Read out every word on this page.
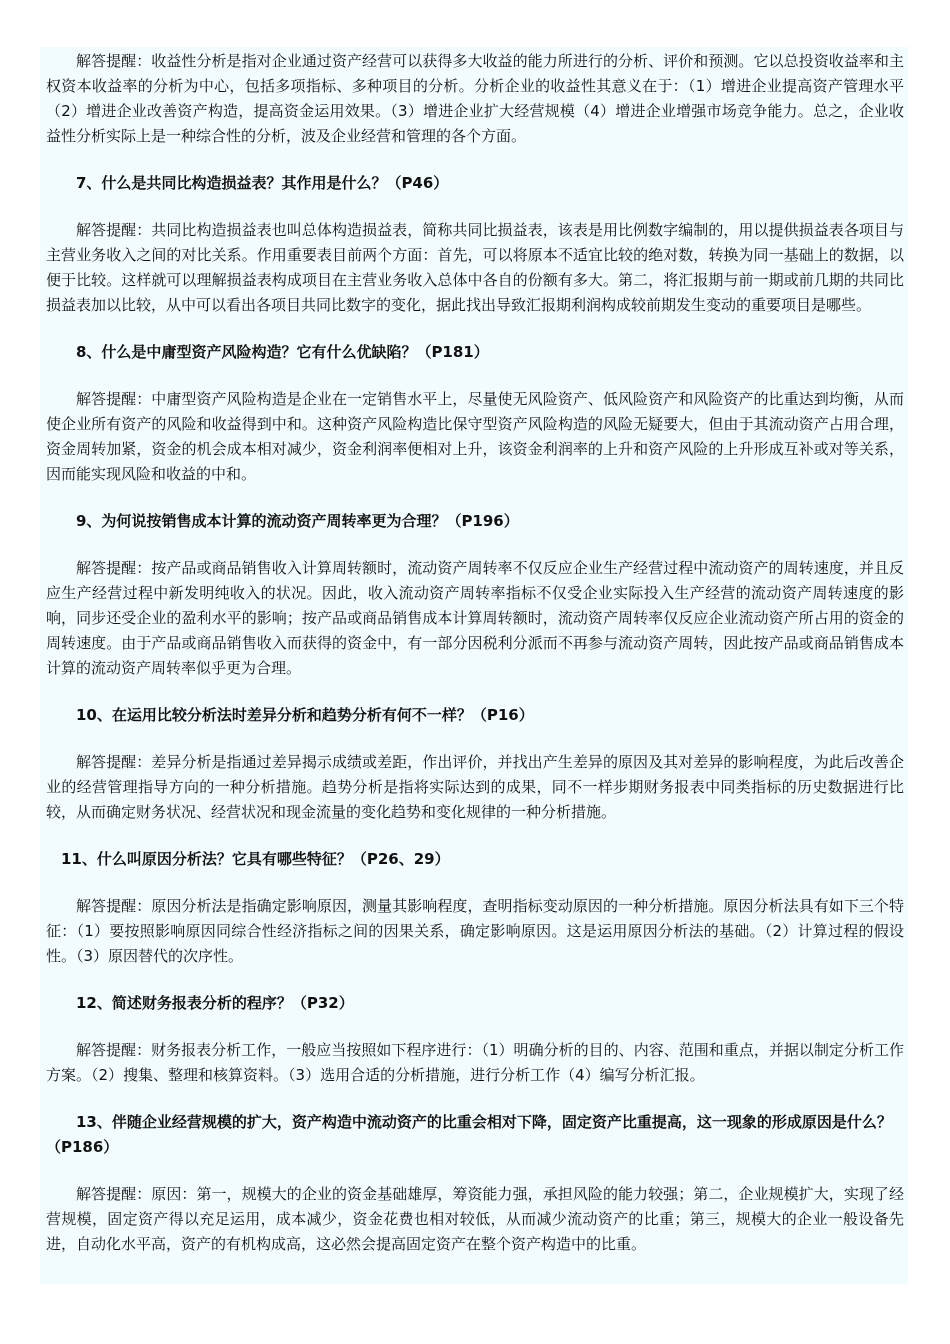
解答提醒：收益性分析是指对企业通过资产经营可以获得多大收益的能力所进行的分析、评价和预测。它以总投资收益率和主权资本收益率的分析为中心，包括多项指标、多种项目的分析。分析企业的收益性其意义在于：（1）增进企业提高资产管理水平（2）增进企业改善资产构造，提高资金运用效果。（3）增进企业扩大经营规模（4）增进企业增强市场竞争能力。总之，企业收益性分析实际上是一种综合性的分析，波及企业经营和管理的各个方面。

7、什么是共同比构造损益表？其作用是什么？（P46）

解答提醒：共同比构造损益表也叫总体构造损益表，简称共同比损益表，该表是用比例数字编制的，用以提供损益表各项目与主营业务收入之间的对比关系。作用重要表目前两个方面：首先，可以将原本不适宜比较的绝对数，转换为同一基础上的数据，以便于比较。这样就可以理解损益表构成项目在主营业务收入总体中各自的份额有多大。第二，将汇报期与前一期或前几期的共同比损益表加以比较，从中可以看出各项目共同比数字的变化，据此找出导致汇报期利润构成较前期发生变动的重要项目是哪些。

8、什么是中庸型资产风险构造？它有什么优缺陷？（P181）

解答提醒：中庸型资产风险构造是企业在一定销售水平上，尽量使无风险资产、低风险资产和风险资产的比重达到均衡，从而使企业所有资产的风险和收益得到中和。这种资产风险构造比保守型资产风险构造的风险无疑要大，但由于其流动资产占用合理，资金周转加紧，资金的机会成本相对减少，资金利润率便相对上升，该资金利润率的上升和资产风险的上升形成互补或对等关系，因而能实现风险和收益的中和。

9、为何说按销售成本计算的流动资产周转率更为合理？（P196）

解答提醒：按产品或商品销售收入计算周转额时，流动资产周转率不仅反应企业生产经营过程中流动资产的周转速度，并且反应生产经营过程中新发明纯收入的状况。因此，收入流动资产周转率指标不仅受企业实际投入生产经营的流动资产周转速度的影响，同步还受企业的盈利水平的影响；按产品或商品销售成本计算周转额时，流动资产周转率仅反应企业流动资产所占用的资金的周转速度。由于产品或商品销售收入而获得的资金中，有一部分因税利分派而不再参与流动资产周转，因此按产品或商品销售成本计算的流动资产周转率似乎更为合理。

10、在运用比较分析法时差异分析和趋势分析有何不一样？（P16）

解答提醒：差异分析是指通过差异揭示成绩或差距，作出评价，并找出产生差异的原因及其对差异的影响程度，为此后改善企业的经营管理指导方向的一种分析措施。趋势分析是指将实际达到的成果，同不一样步期财务报表中同类指标的历史数据进行比较，从而确定财务状况、经营状况和现金流量的变化趋势和变化规律的一种分析措施。

11、什么叫原因分析法？它具有哪些特征？（P26、29）

解答提醒：原因分析法是指确定影响原因，测量其影响程度，查明指标变动原因的一种分析措施。原因分析法具有如下三个特征：（1）要按照影响原因同综合性经济指标之间的因果关系，确定影响原因。这是运用原因分析法的基础。（2）计算过程的假设性。（3）原因替代的次序性。

12、简述财务报表分析的程序？（P32）

解答提醒：财务报表分析工作，一般应当按照如下程序进行：（1）明确分析的目的、内容、范围和重点，并据以制定分析工作方案。（2）搜集、整理和核算资料。（3）选用合适的分析措施，进行分析工作（4）编写分析汇报。

13、伴随企业经营规模的扩大，资产构造中流动资产的比重会相对下降，固定资产比重提高，这一现象的形成原因是什么？（P186）

解答提醒：原因：第一，规模大的企业的资金基础雄厚，筹资能力强，承担风险的能力较强；第二，企业规模扩大，实现了经营规模，固定资产得以充足运用，成本减少，资金花费也相对较低，从而减少流动资产的比重；第三，规模大的企业一般设备先进，自动化水平高，资产的有机构成高，这必然会提高固定资产在整个资产构造中的比重。
